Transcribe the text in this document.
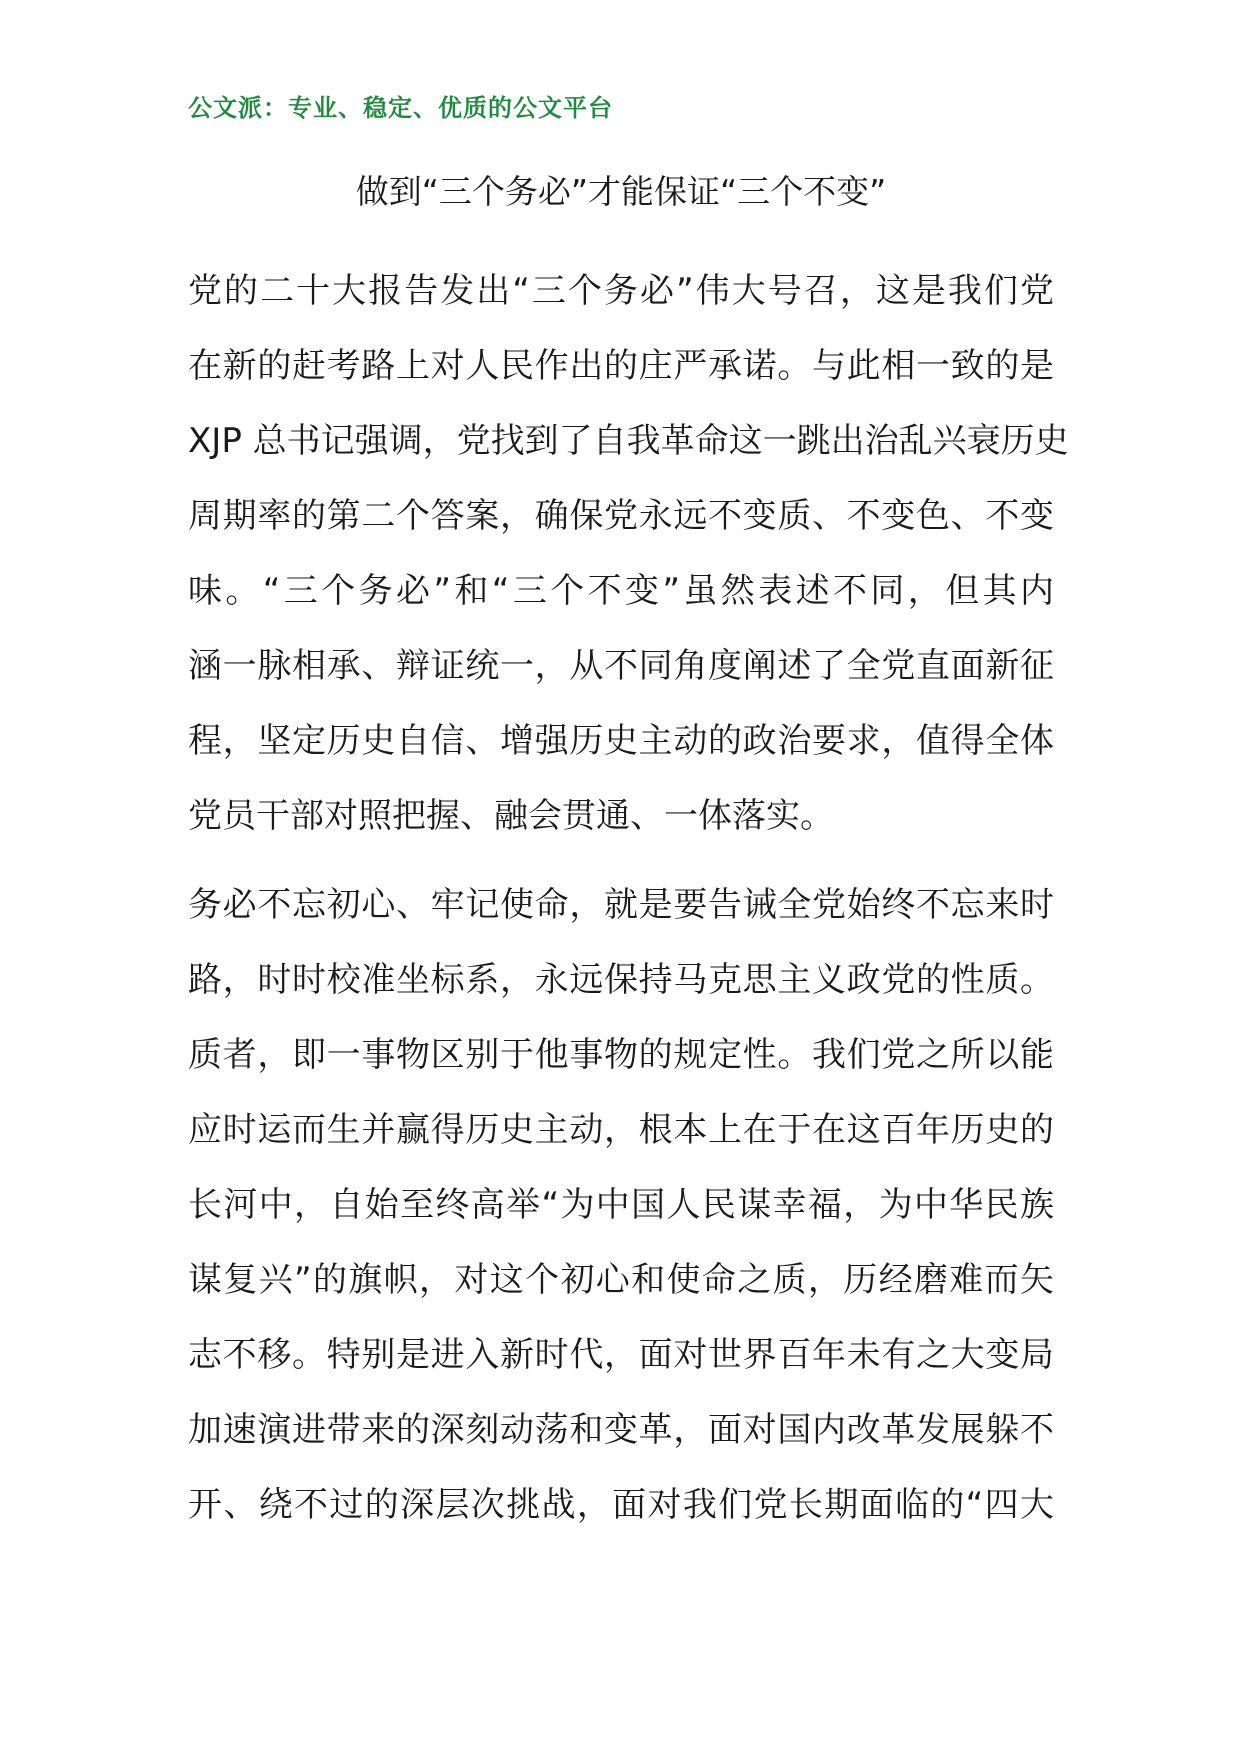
公文派：专业、稳定、优质的公文平台
做到“三个务必”才能保证“三个不变”

党的二十大报告发出“三个务必”伟大号召，这是我们党
在新的赶考路上对人民作出的庄严承诺。与此相一致的是
XJP 总书记强调，党找到了自我革命这一跳出治乱兴衰历史
周期率的第二个答案，确保党永远不变质、不变色、不变
味。“三个务必”和“三个不变”虽然表述不同，但其内
涵一脉相承、辩证统一，从不同角度阐述了全党直面新征
程，坚定历史自信、增强历史主动的政治要求，值得全体
党员干部对照把握、融会贯通、一体落实。

务必不忘初心、牢记使命，就是要告诫全党始终不忘来时
路，时时校准坐标系，永远保持马克思主义政党的性质。
质者，即一事物区别于他事物的规定性。我们党之所以能
应时运而生并赢得历史主动，根本上在于在这百年历史的
长河中，自始至终高举“为中国人民谋幸福，为中华民族
谋复兴”的旗帜，对这个初心和使命之质，历经磨难而矢
志不移。特别是进入新时代，面对世界百年未有之大变局
加速演进带来的深刻动荡和变革，面对国内改革发展躲不
开、绕不过的深层次挑战，面对我们党长期面临的“四大
